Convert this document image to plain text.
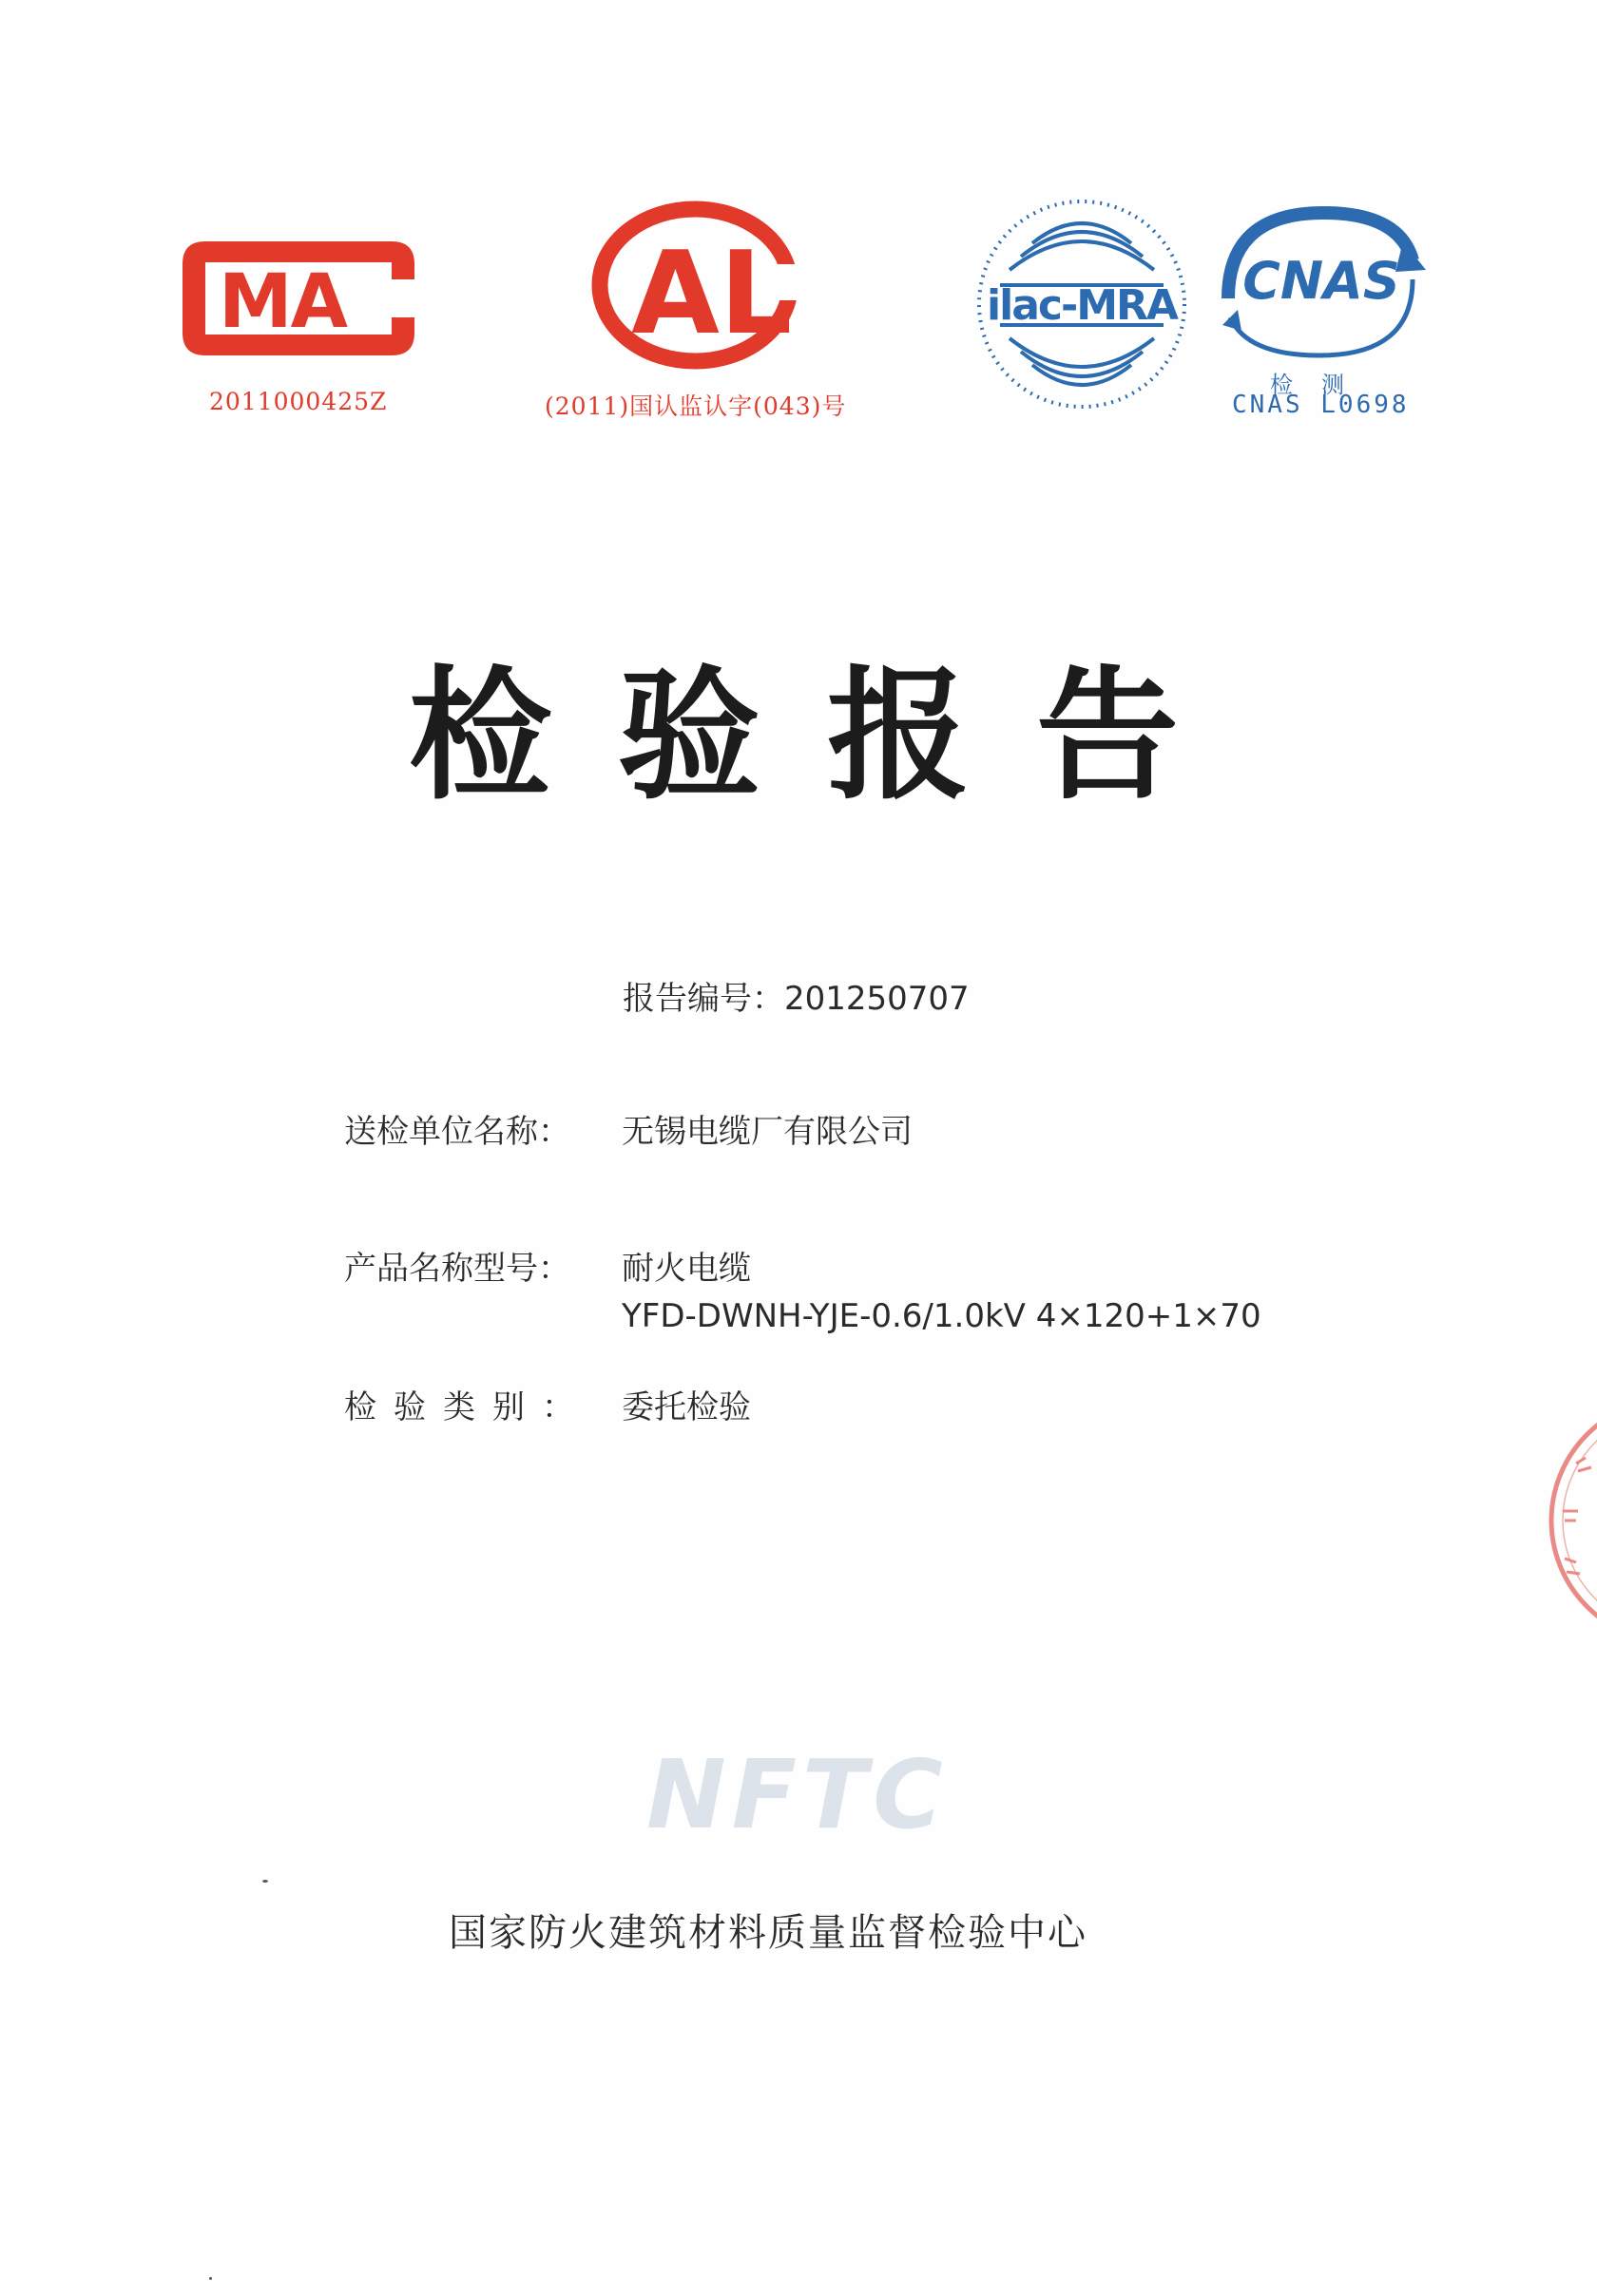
MA
2011000425Z
AL
(2011)国认监认字(043)号
ilac-MRA CNAS
检测
CNAS L0698
检验报告
报告编号：201250707
送检单位名称： 无锡电缆厂有限公司
产品名称型号： 耐火电缆
YFD-DWNH-YJE-0.6/1.0kV 4×120+1×70
检验类别： 委托检验
NFTC
国家防火建筑材料质量监督检验中心
